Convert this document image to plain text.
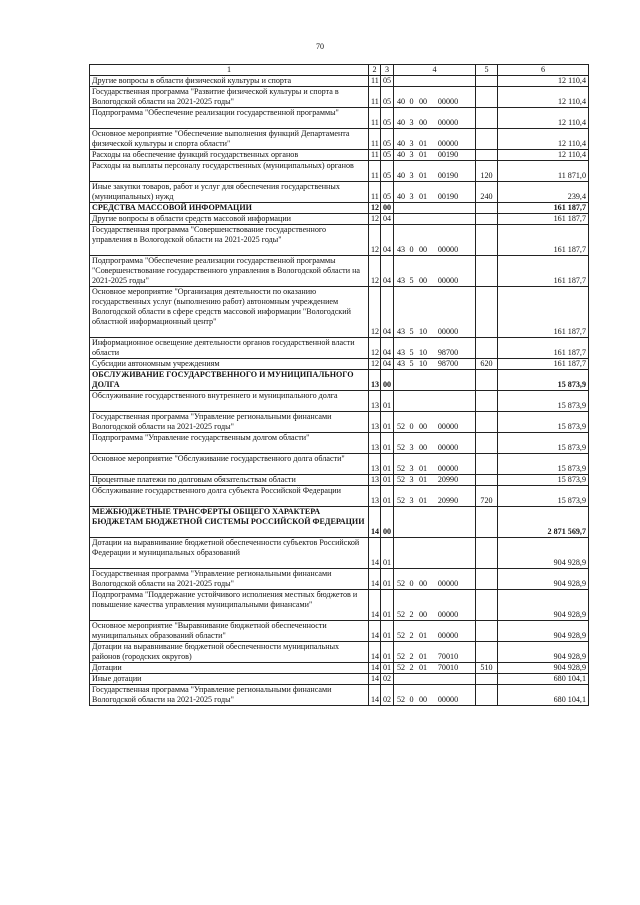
70
1	2	3	4	5	6
Другие вопросы в области физической культуры и спорта	11	05			12 110,4
Государственная программа "Развитие физической культуры и спорта в Вологодской области на 2021-2025 годы"	11	05	40 0 00 00000		12 110,4
Подпрограмма "Обеспечение реализации государственной программы"	11	05	40 3 00 00000		12 110,4
Основное мероприятие "Обеспечение выполнения функций Департамента физической культуры и спорта области"	11	05	40 3 01 00000		12 110,4
Расходы на обеспечение функций государственных органов	11	05	40 3 01 00190		12 110,4
Расходы на выплаты персоналу государственных (муниципальных) органов	11	05	40 3 01 00190	120	11 871,0
Иные закупки товаров, работ и услуг для обеспечения государственных (муниципальных) нужд	11	05	40 3 01 00190	240	239,4
СРЕДСТВА МАССОВОЙ ИНФОРМАЦИИ	12	00			161 187,7
Другие вопросы в области средств массовой информации	12	04			161 187,7
Государственная программа "Совершенствование государственного управления в Вологодской области на 2021-2025 годы"	12	04	43 0 00 00000		161 187,7
Подпрограмма "Обеспечение реализации государственной программы "Совершенствование государственного управления в Вологодской области на 2021-2025 годы"	12	04	43 5 00 00000		161 187,7
Основное мероприятие "Организация деятельности по оказанию государственных услуг (выполнению работ) автономным учреждением Вологодской области в сфере средств массовой информации "Вологодский областной информационный центр"	12	04	43 5 10 00000		161 187,7
Информационное освещение деятельности органов государственной власти области	12	04	43 5 10 98700		161 187,7
Субсидии автономным учреждениям	12	04	43 5 10 98700	620	161 187,7
ОБСЛУЖИВАНИЕ ГОСУДАРСТВЕННОГО И МУНИЦИПАЛЬНОГО ДОЛГА	13	00			15 873,9
Обслуживание государственного внутреннего и муниципального долга	13	01			15 873,9
Государственная программа "Управление региональными финансами Вологодской области на 2021-2025 годы"	13	01	52 0 00 00000		15 873,9
Подпрограмма "Управление государственным долгом области"	13	01	52 3 00 00000		15 873,9
Основное мероприятие "Обслуживание государственного долга области"	13	01	52 3 01 00000		15 873,9
Процентные платежи по долговым обязательствам области	13	01	52 3 01 20990		15 873,9
Обслуживание государственного долга субъекта Российской Федерации	13	01	52 3 01 20990	720	15 873,9
МЕЖБЮДЖЕТНЫЕ ТРАНСФЕРТЫ ОБЩЕГО ХАРАКТЕРА БЮДЖЕТАМ БЮДЖЕТНОЙ СИСТЕМЫ РОССИЙСКОЙ ФЕДЕРАЦИИ	14	00			2 871 569,7
Дотации на выравнивание бюджетной обеспеченности субъектов Российской Федерации и муниципальных образований	14	01			904 928,9
Государственная программа "Управление региональными финансами Вологодской области на 2021-2025 годы"	14	01	52 0 00 00000		904 928,9
Подпрограмма "Поддержание устойчивого исполнения местных бюджетов и повышение качества управления муниципальными финансами"	14	01	52 2 00 00000		904 928,9
Основное мероприятие "Выравнивание бюджетной обеспеченности муниципальных образований области"	14	01	52 2 01 00000		904 928,9
Дотации на выравнивание бюджетной обеспеченности муниципальных районов (городских округов)	14	01	52 2 01 70010		904 928,9
Дотации	14	01	52 2 01 70010	510	904 928,9
Иные дотации	14	02			680 104,1
Государственная программа "Управление региональными финансами Вологодской области на 2021-2025 годы"	14	02	52 0 00 00000		680 104,1
